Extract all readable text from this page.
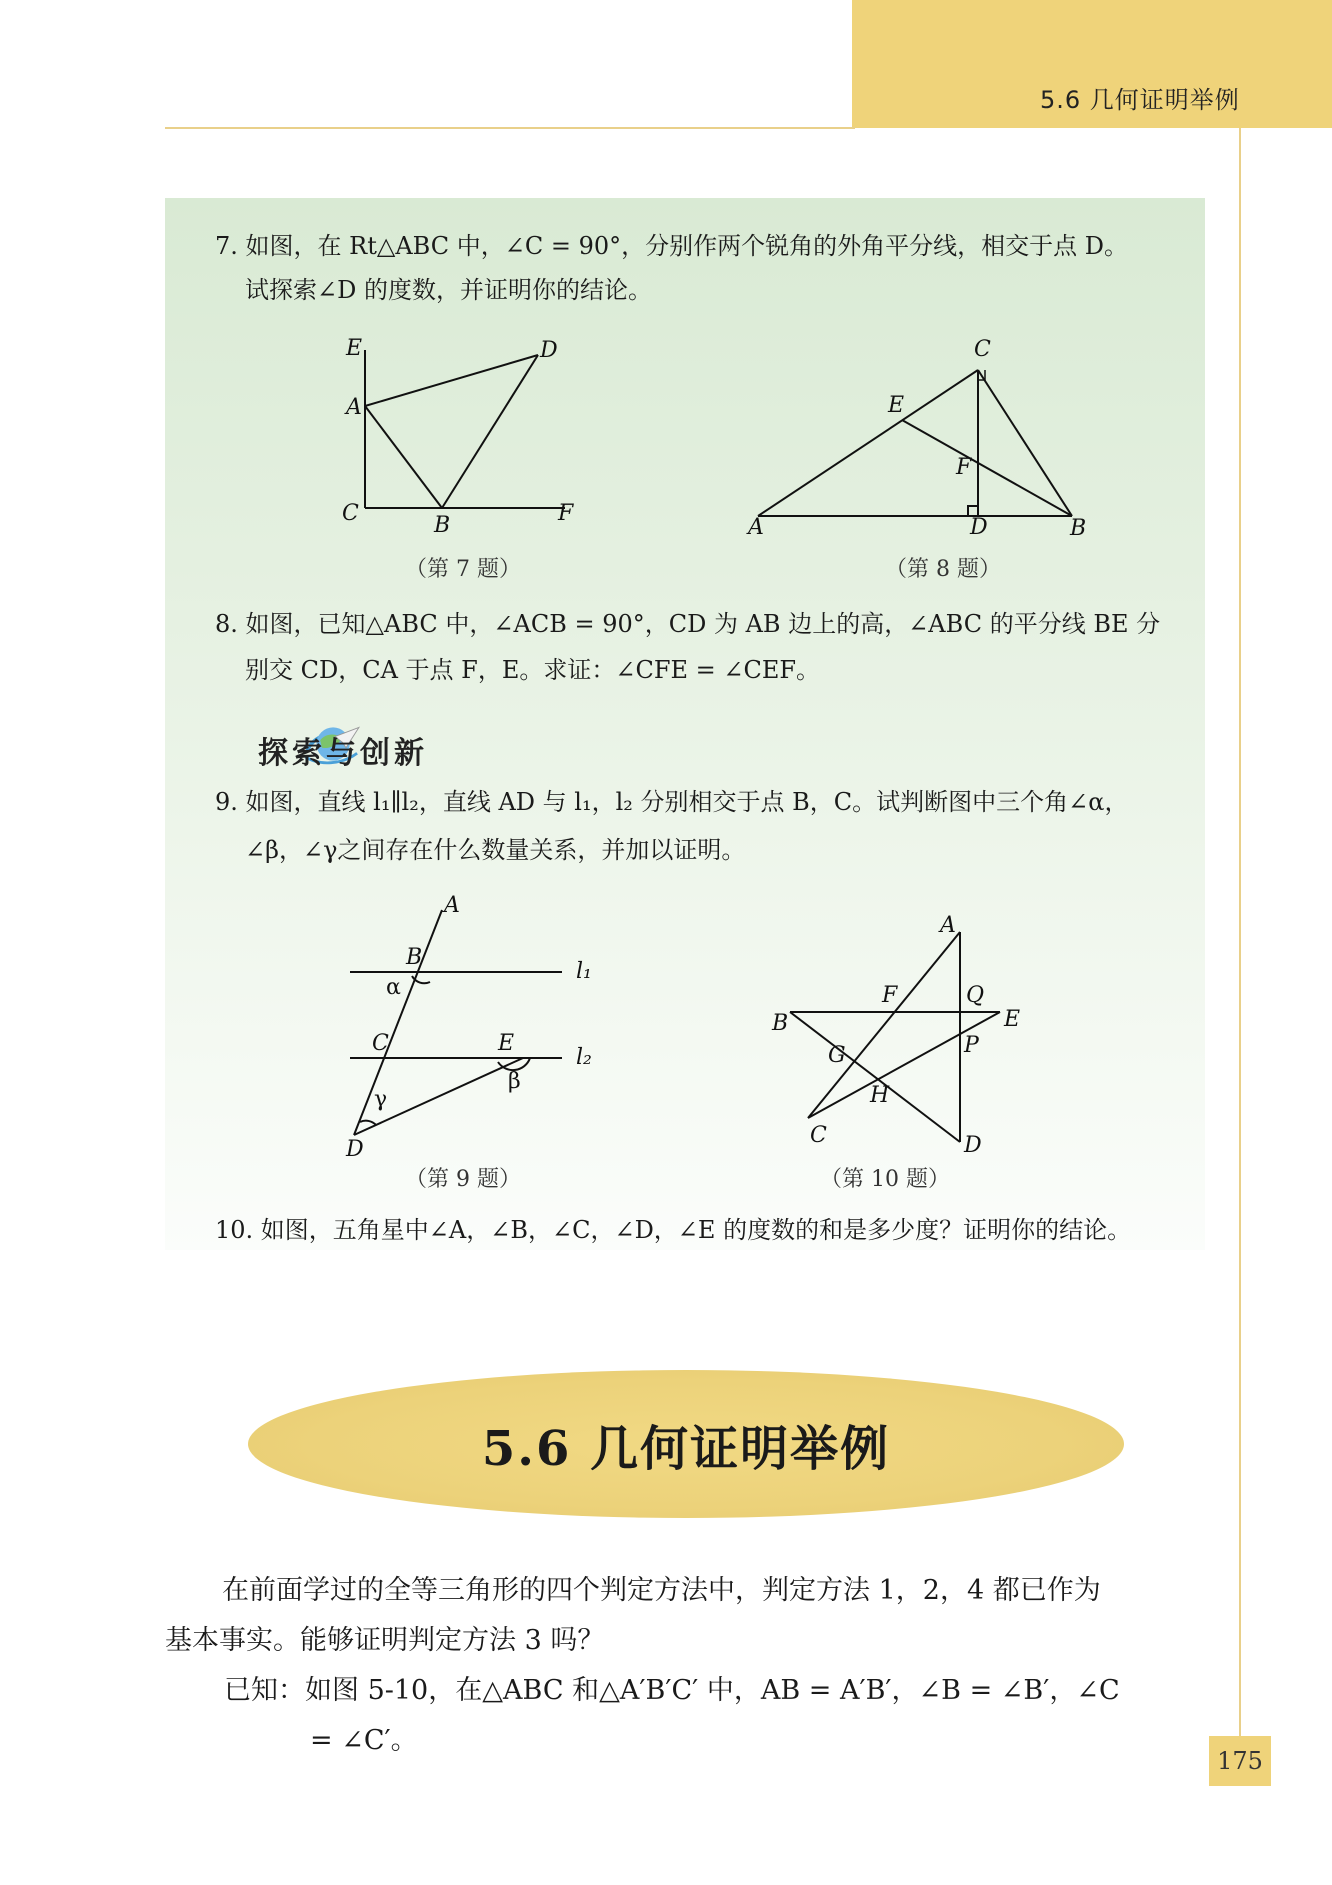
5.6 几何证明举例
7. 如图，在 Rt△ABC 中，∠C = 90°，分别作两个锐角的外角平分线，相交于点 D。
试探索∠D 的度数，并证明你的结论。
E	D
A
C	B	F
（第 7 题）
C
E
F
A	D	B
（第 8 题）
8. 如图，已知△ABC 中，∠ACB = 90°，CD 为 AB 边上的高，∠ABC 的平分线 BE 分
别交 CD，CA 于点 F，E。求证：∠CFE = ∠CEF。
探索与创新
9. 如图，直线 l₁∥l₂，直线 AD 与 l₁，l₂ 分别相交于点 B，C。试判断图中三个角∠α，
∠β，∠γ之间存在什么数量关系，并加以证明。
A
B
α
l₁
C	E
l₂
β
γ
D
（第 9 题）
A
F	Q
B	E
P
G
H
C	D
（第 10 题）
10. 如图，五角星中∠A，∠B，∠C，∠D，∠E 的度数的和是多少度？证明你的结论。
5.6 几何证明举例
在前面学过的全等三角形的四个判定方法中，判定方法 1，2，4 都已作为
基本事实。能够证明判定方法 3 吗？
已知：如图 5-10，在△ABC 和△A′B′C′ 中，AB = A′B′，∠B = ∠B′，∠C
= ∠C′。
175
